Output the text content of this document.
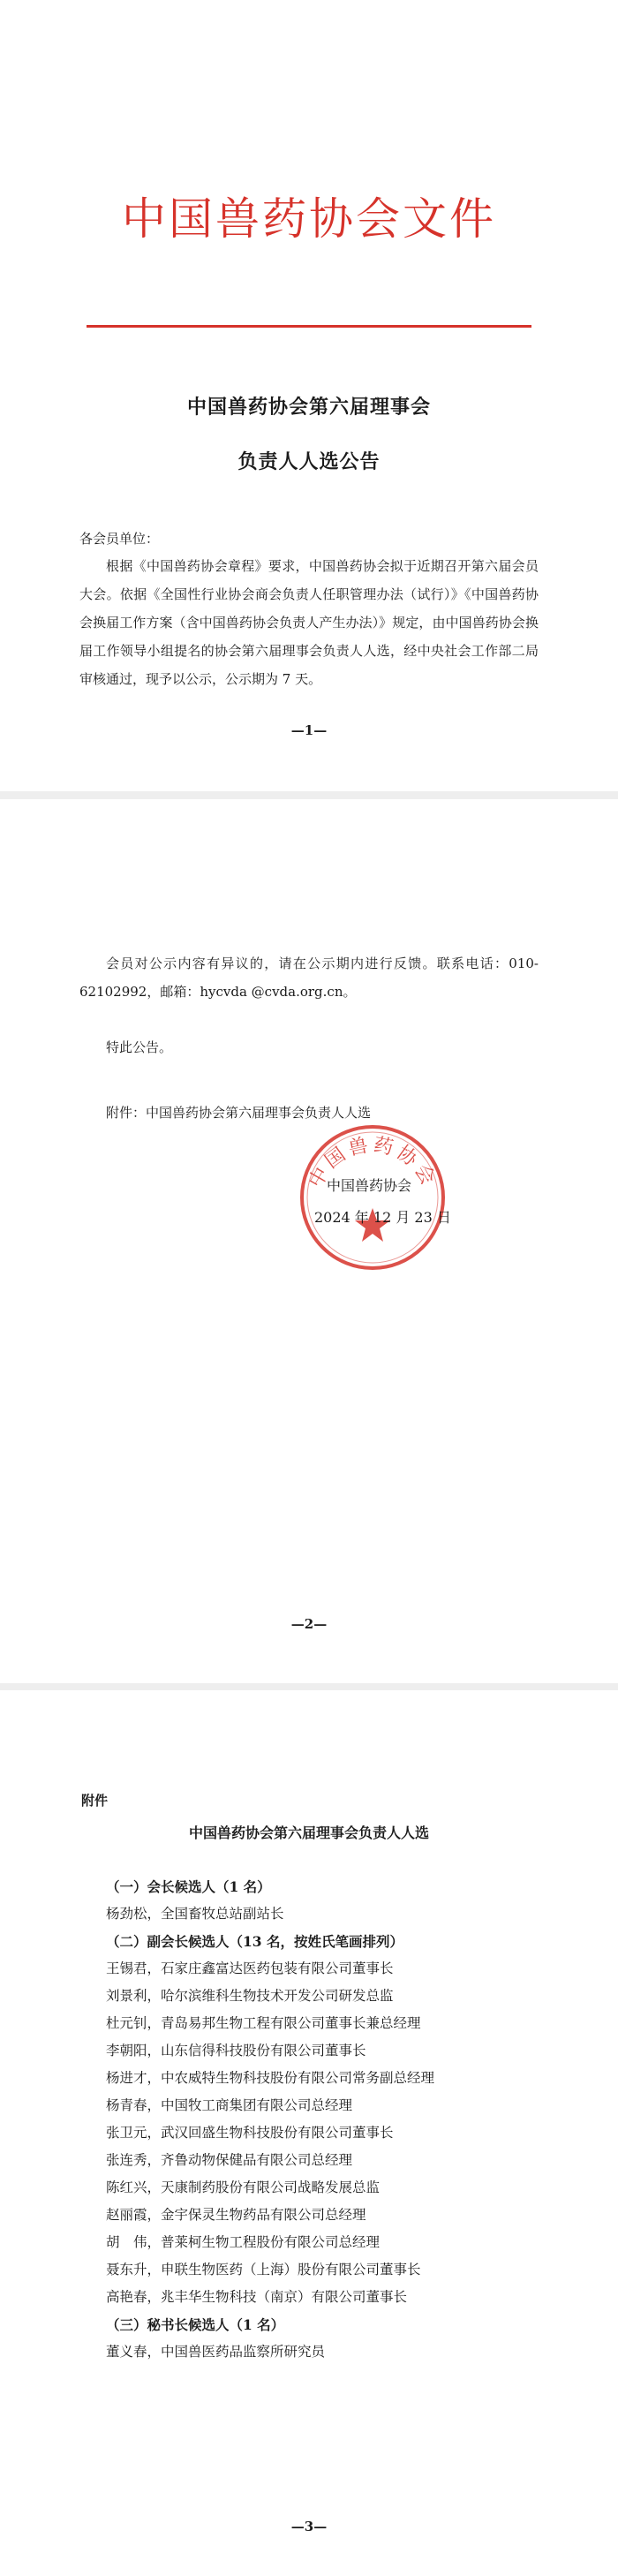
中国兽药协会文件
中国兽药协会第六届理事会
负责人人选公告
各会员单位：
根据《中国兽药协会章程》要求，中国兽药协会拟于近期召开第六届会员大会。依据《全国性行业协会商会负责人任职管理办法（试行）》《中国兽药协会换届工作方案（含中国兽药协会负责人产生办法）》规定，由中国兽药协会换届工作领导小组提名的协会第六届理事会负责人人选，经中央社会工作部二局审核通过，现予以公示，公示期为 7 天。
—1—
会员对公示内容有异议的，请在公示期内进行反馈。联系电话：010-62102992，邮箱：hycvda @cvda.org.cn。
特此公告。
附件：中国兽药协会第六届理事会负责人人选
中国兽药协会
中国兽药协会
2024 年 12 月 23 日
—2—
附件
中国兽药协会第六届理事会负责人人选
（一）会长候选人（1 名）
杨劲松，全国畜牧总站副站长
（二）副会长候选人（13 名，按姓氏笔画排列）
王锡君，石家庄鑫富达医药包装有限公司董事长
刘景利，哈尔滨维科生物技术开发公司研发总监
杜元钊，青岛易邦生物工程有限公司董事长兼总经理
李朝阳，山东信得科技股份有限公司董事长
杨进才，中农威特生物科技股份有限公司常务副总经理
杨青春，中国牧工商集团有限公司总经理
张卫元，武汉回盛生物科技股份有限公司董事长
张连秀，齐鲁动物保健品有限公司总经理
陈红兴，天康制药股份有限公司战略发展总监
赵丽霞，金宇保灵生物药品有限公司总经理
胡　伟，普莱柯生物工程股份有限公司总经理
聂东升，申联生物医药（上海）股份有限公司董事长
高艳春，兆丰华生物科技（南京）有限公司董事长
（三）秘书长候选人（1 名）
董义春，中国兽医药品监察所研究员
—3—
